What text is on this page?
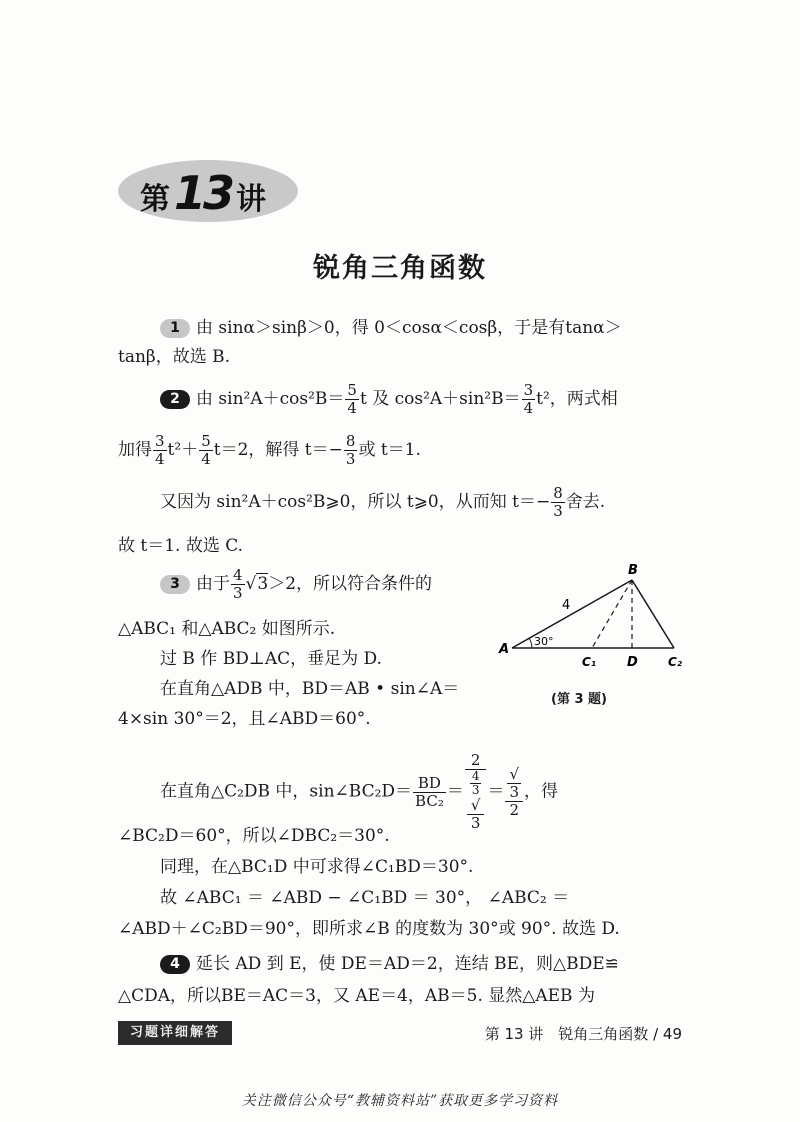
第 13 讲
锐角三角函数
1 由 sinα＞sinβ＞0，得 0＜cosα＜cosβ，于是有tanα＞
tanβ，故选 B.
2 由 $\sin^2A+\cos^2B= \frac{5}{4}$ t 及 $\cos^2A+\sin^2B= \frac{3}{4} t^2$，两式相
加得 $\frac{3}{4} t^2+ \frac{5}{4} t=2$，解得 $t=- \frac{8}{3}$ 或 t＝1.
又因为 sin²A＋cos²B⩾0，所以 t⩾0，从而知 $t=- \frac{8}{3}$ 舍去.
故 t＝1. 故选 C.
3 由于 $\frac{4}{3} √3>2$，所以符合条件的
△ABC₁ 和△ABC₂ 如图所示.
过 B 作 BD⊥AC，垂足为 D.
在直角△ADB 中，BD＝AB • sin∠A＝
4×sin 30°＝2，且∠ABD＝60°.
A
B
C₁ D	C₂
4
30°
(第 3 题)
在直角△C₂DB 中，sin∠BC₂D＝ $\frac{BD}{\text{BC₂}} = 2$
4
3
√
3 ＝ √
3
2 ，得
∠BC₂D＝60°，所以∠DBC₂＝30°.
同理，在△BC₁D 中可求得∠C₁BD＝30°.
故 ∠ABC₁ ＝ ∠ABD − ∠C₁BD ＝ 30°， ∠ABC₂ ＝
∠ABD＋∠C₂BD＝90°，即所求∠B 的度数为 30°或 90°. 故选 D.
4 延长 AD 到 E，使 DE＝AD＝2，连结 BE，则△BDE≌
△CDA，所以BE＝AC＝3，又 AE＝4，AB＝5. 显然△AEB 为
习题详细解答	第 13 讲　锐角三角函数 / 49
关注微信公众号“教辅资料站”获取更多学习资料
